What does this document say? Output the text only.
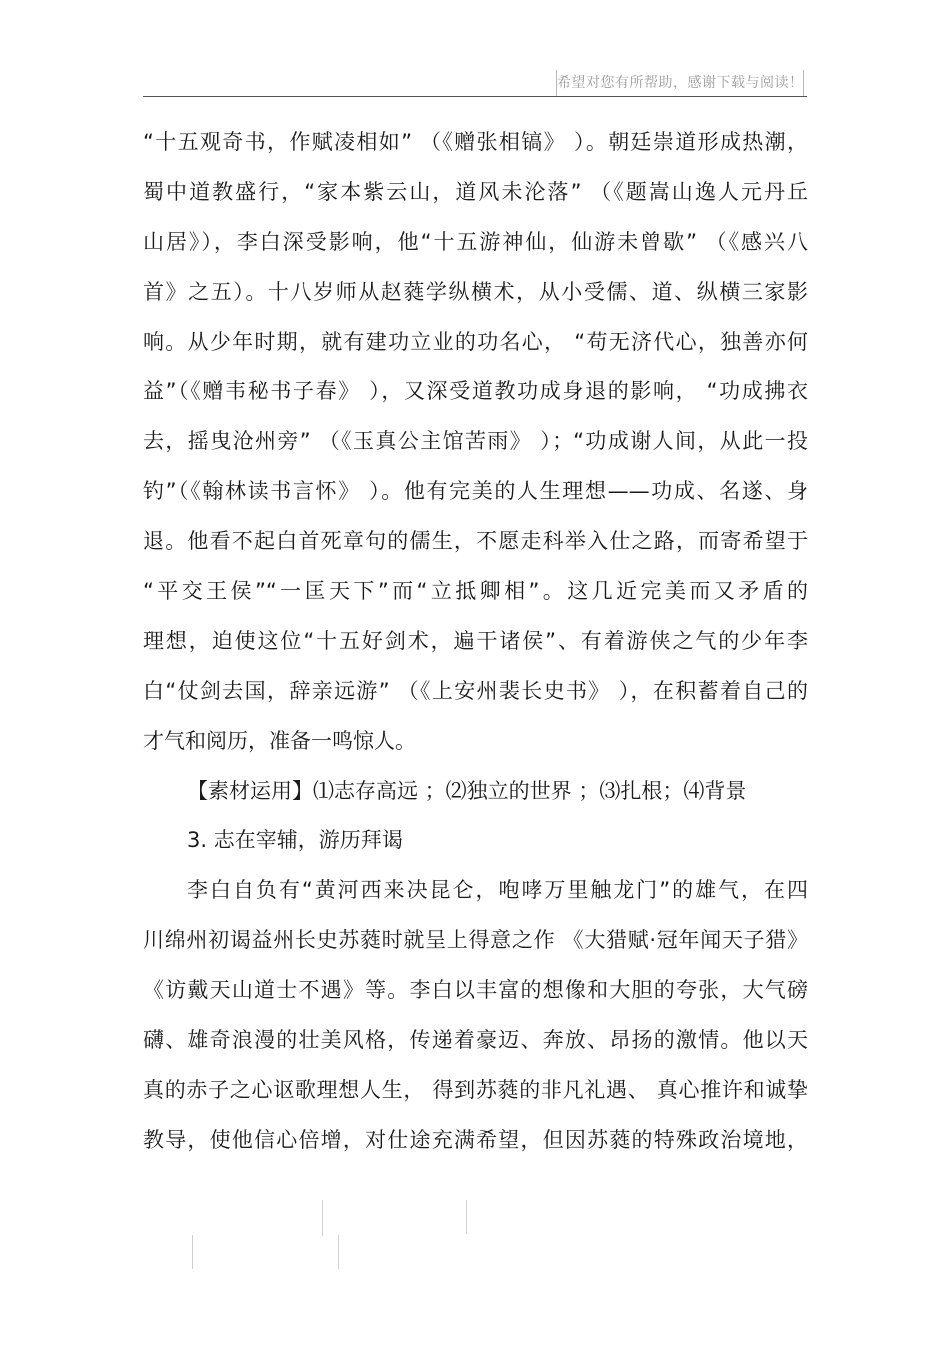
希望对您有所帮助，感谢下载与阅读！
“十五观奇书，作赋凌相如” （《赠张相镐》 ）。朝廷崇道形成热潮，
蜀中道教盛行，“家本紫云山，道风未沦落” （《题嵩山逸人元丹丘
山居》），李白深受影响，他“十五游神仙，仙游未曾歇” （《感兴八
首》之五）。十八岁师从赵蕤学纵横术，从小受儒、道、纵横三家影
响。从少年时期，就有建功立业的功名心， “苟无济代心，独善亦何
益”（《赠韦秘书子春》 ），又深受道教功成身退的影响， “功成拂衣
去，摇曳沧州旁” （《玉真公主馆苦雨》 ）；“功成谢人间，从此一投
钓”（《翰林读书言怀》 ）。他有完美的人生理想——功成、名遂、身
退。他看不起白首死章句的儒生，不愿走科举入仕之路，而寄希望于
“平交王侯”“一匡天下”而“立抵卿相”。这几近完美而又矛盾的
理想，迫使这位“十五好剑术，遍干诸侯”、有着游侠之气的少年李
白“仗剑去国，辞亲远游” （《上安州裴长史书》 ），在积蓄着自己的
才气和阅历，准备一鸣惊人。
【素材运用】⑴志存高远 ；⑵独立的世界 ；⑶扎根；⑷背景
3. 志在宰辅，游历拜谒
李白自负有“黄河西来决昆仑，咆哮万里触龙门”的雄气，在四
川绵州初谒益州长史苏蕤时就呈上得意之作 《大猎赋·冠年闻天子猎》
《访戴天山道士不遇》等。李白以丰富的想像和大胆的夸张，大气磅
礴、雄奇浪漫的壮美风格，传递着豪迈、奔放、昂扬的激情。他以天
真的赤子之心讴歌理想人生， 得到苏蕤的非凡礼遇、 真心推许和诚挚
教导，使他信心倍增，对仕途充满希望，但因苏蕤的特殊政治境地，
